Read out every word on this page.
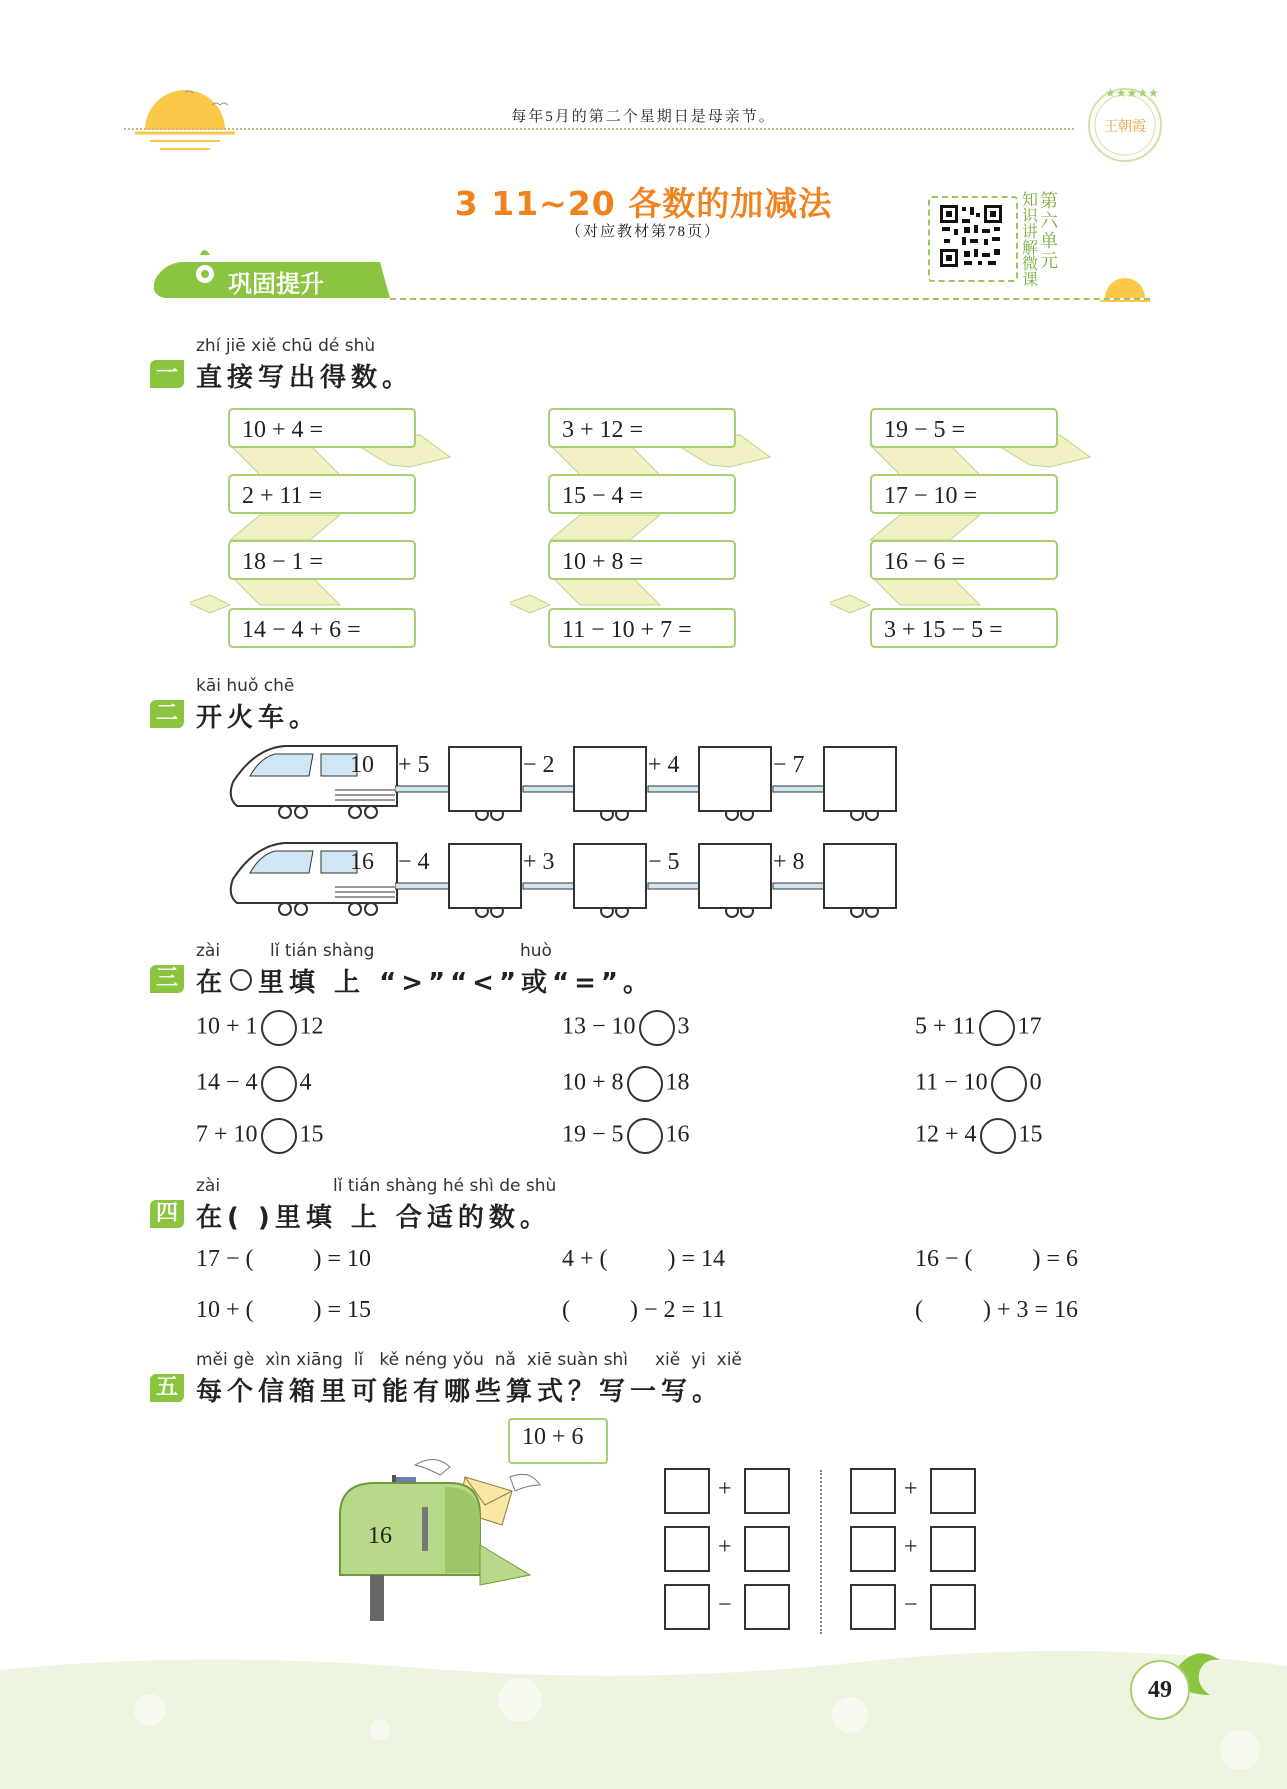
每年5月的第二个星期日是母亲节。
★★★★★
王朝霞
3 11~20 各数的加减法
（对应教材第78页）
知识讲解微课
第六单元
巩固提升
zhí jiē xiě chū dé shù
一 直接写出得数。
10 + 4 =
2 + 11 =
18 − 1 =
14 − 4 + 6 =
3 + 12 =
15 − 4 =
10 + 8 =
11 − 10 + 7 =
19 − 5 =
17 − 10 =
16 − 6 =
3 + 15 − 5 =
kāi huǒ chē
二 开火车。
10 + 5	− 2	+ 4	− 7
16 − 4	+ 3	− 5	+ 8
zài	lǐ tián shàng	huò
三 在 里填 上 “>”“<”或“=”。
10 + 1 12	13 − 10 3	5 + 11 17
14 − 4 4	10 + 8 18	11 − 10 0
7 + 10 15	19 − 5 16	12 + 4 15
zài	lǐ tián shàng hé shì de shù
四 在( )里填 上 合适的数。
17 − (          ) = 10	4 + (          ) = 14	16 − (          ) = 6
10 + (          ) = 15	(          ) − 2 = 11	(          ) + 3 = 16
měi gè  xìn xiāng  lǐ   kě néng yǒu  nǎ  xiē suàn shì     xiě  yi  xiě
五 每个信箱里可能有哪些算式？写一写。
10 + 6
16
+
+
−
+
+
−
49
